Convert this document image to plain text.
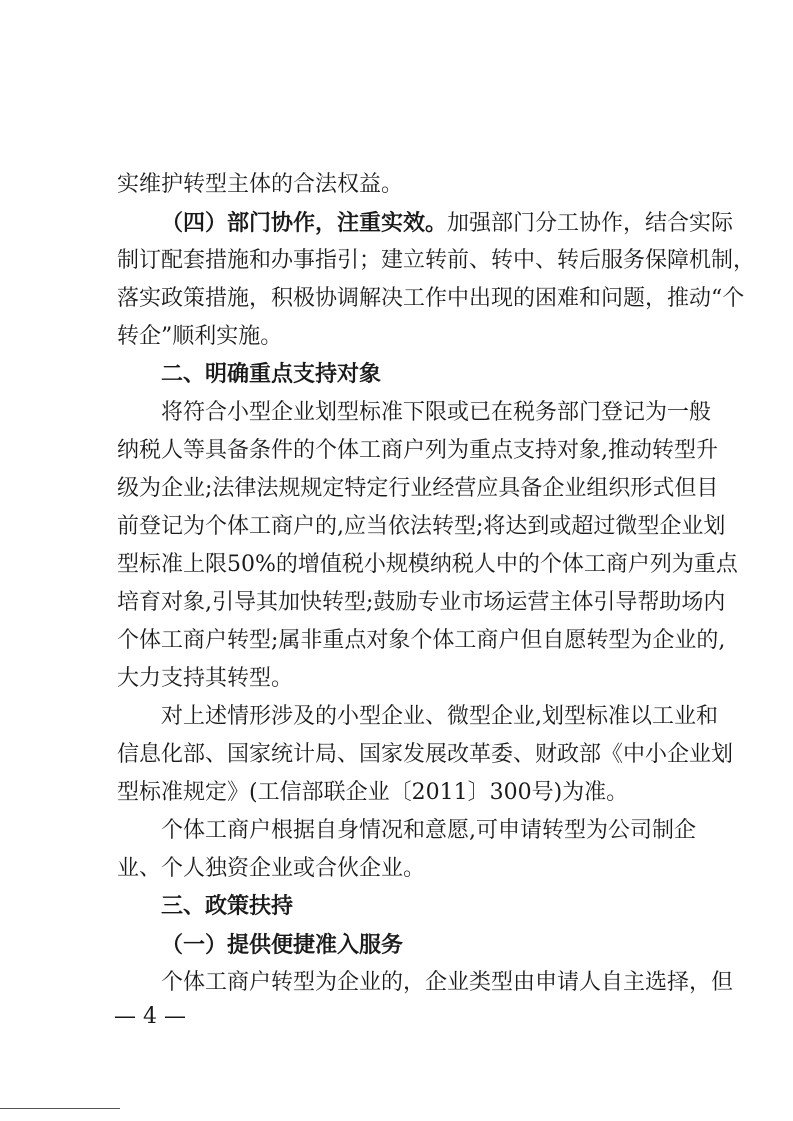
实维护转型主体的合法权益。
（四）部门协作，注重实效。加强部门分工协作，结合实际
制订配套措施和办事指引；建立转前、转中、转后服务保障机制，
落实政策措施，积极协调解决工作中出现的困难和问题，推动“个
转企”顺利实施。
二、明确重点支持对象
将符合小型企业划型标准下限或已在税务部门登记为一般
纳税人等具备条件的个体工商户列为重点支持对象,推动转型升
级为企业;法律法规规定特定行业经营应具备企业组织形式但目
前登记为个体工商户的,应当依法转型;将达到或超过微型企业划
型标准上限50%的增值税小规模纳税人中的个体工商户列为重点
培育对象,引导其加快转型;鼓励专业市场运营主体引导帮助场内
个体工商户转型;属非重点对象个体工商户但自愿转型为企业的,
大力支持其转型。
对上述情形涉及的小型企业、微型企业,划型标准以工业和
信息化部、国家统计局、国家发展改革委、财政部《中小企业划
型标准规定》(工信部联企业〔2011〕300号)为准。
个体工商户根据自身情况和意愿,可申请转型为公司制企
业、个人独资企业或合伙企业。
三、政策扶持
（一）提供便捷准入服务
个体工商户转型为企业的，企业类型由申请人自主选择，但
— 4 —
